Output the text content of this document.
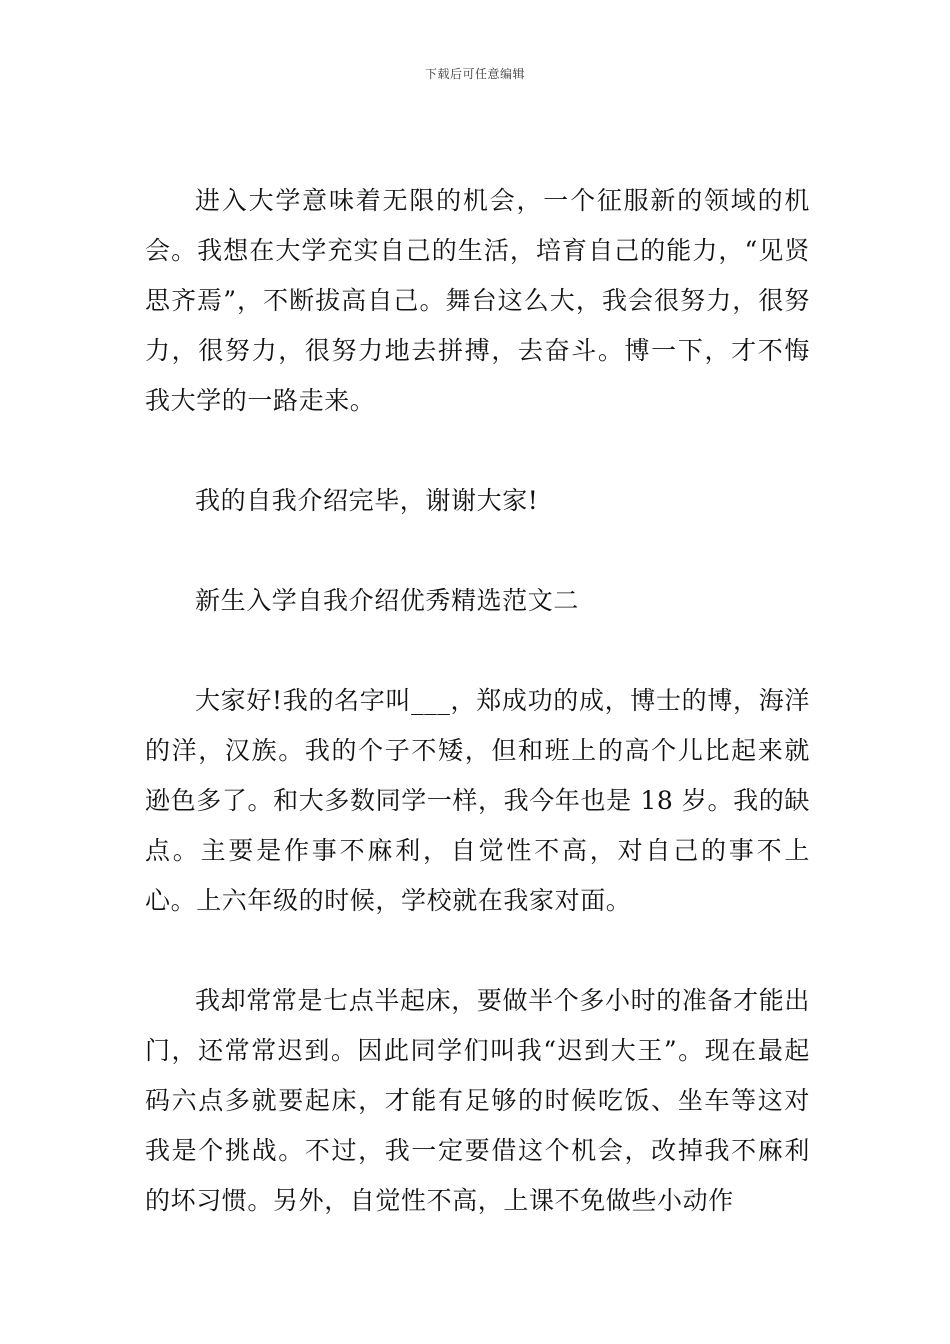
下载后可任意编辑

进入大学意味着无限的机会，一个征服新的领域的机会。我想在大学充实自己的生活，培育自己的能力，“见贤思齐焉”，不断拔高自己。舞台这么大，我会很努力，很努力，很努力，很努力地去拼搏，去奋斗。博一下，才不悔我大学的一路走来。

我的自我介绍完毕，谢谢大家!

新生入学自我介绍优秀精选范文二

大家好!我的名字叫___，郑成功的成，博士的博，海洋的洋，汉族。我的个子不矮，但和班上的高个儿比起来就逊色多了。和大多数同学一样，我今年也是 18 岁。我的缺点。主要是作事不麻利，自觉性不高，对自己的事不上心。上六年级的时候，学校就在我家对面。

我却常常是七点半起床，要做半个多小时的准备才能出门，还常常迟到。因此同学们叫我“迟到大王”。现在最起码六点多就要起床，才能有足够的时候吃饭、坐车等这对我是个挑战。不过，我一定要借这个机会，改掉我不麻利的坏习惯。另外，自觉性不高，上课不免做些小动作
